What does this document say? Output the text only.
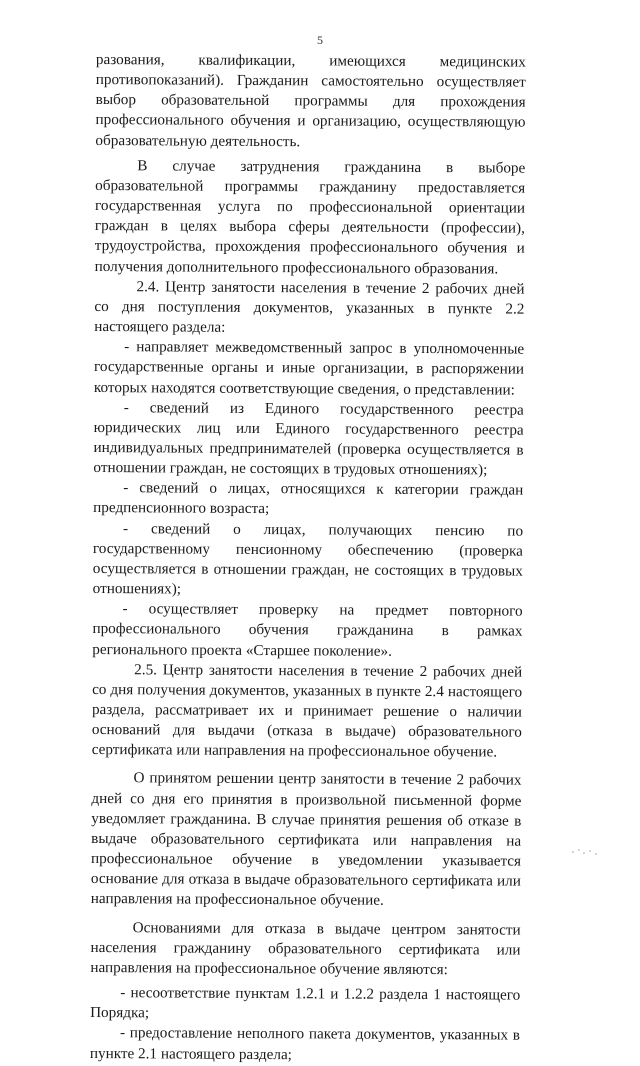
5

разования, квалификации, имеющихся медицинских противопоказаний). Гражданин самостоятельно осуществляет выбор образовательной программы для прохождения профессионального обучения и организацию, осуществляющую образовательную деятельность.

В случае затруднения гражданина в выборе образовательной программы гражданину предоставляется государственная услуга по профессиональной ориентации граждан в целях выбора сферы деятельности (профессии), трудоустройства, прохождения профессионального обучения и получения дополнительного профессионального образования.

2.4. Центр занятости населения в течение 2 рабочих дней со дня поступления документов, указанных в пункте 2.2 настоящего раздела:

- направляет межведомственный запрос в уполномоченные государственные органы и иные организации, в распоряжении которых находятся соответствующие сведения, о представлении:

- сведений из Единого государственного реестра юридических лиц или Единого государственного реестра индивидуальных предпринимателей (проверка осуществляется в отношении граждан, не состоящих в трудовых отношениях);

- сведений о лицах, относящихся к категории граждан предпенсионного возраста;

- сведений о лицах, получающих пенсию по государственному пенсионному обеспечению (проверка осуществляется в отношении граждан, не состоящих в трудовых отношениях);

- осуществляет проверку на предмет повторного профессионального обучения гражданина в рамках регионального проекта «Старшее поколение».

2.5. Центр занятости населения в течение 2 рабочих дней со дня получения документов, указанных в пункте 2.4 настоящего раздела, рассматривает их и принимает решение о наличии оснований для выдачи (отказа в выдаче) образовательного сертификата или направления на профессиональное обучение.

О принятом решении центр занятости в течение 2 рабочих дней со дня его принятия в произвольной письменной форме уведомляет гражданина. В случае принятия решения об отказе в выдаче образовательного сертификата или направления на профессиональное обучение в уведомлении указывается основание для отказа в выдаче образовательного сертификата или направления на профессиональное обучение.

Основаниями для отказа в выдаче центром занятости населения гражданину образовательного сертификата или направления на профессиональное обучение являются:

- несоответствие пунктам 1.2.1 и 1.2.2 раздела 1 настоящего Порядка;

- предоставление неполного пакета документов, указанных в пункте 2.1 настоящего раздела;
